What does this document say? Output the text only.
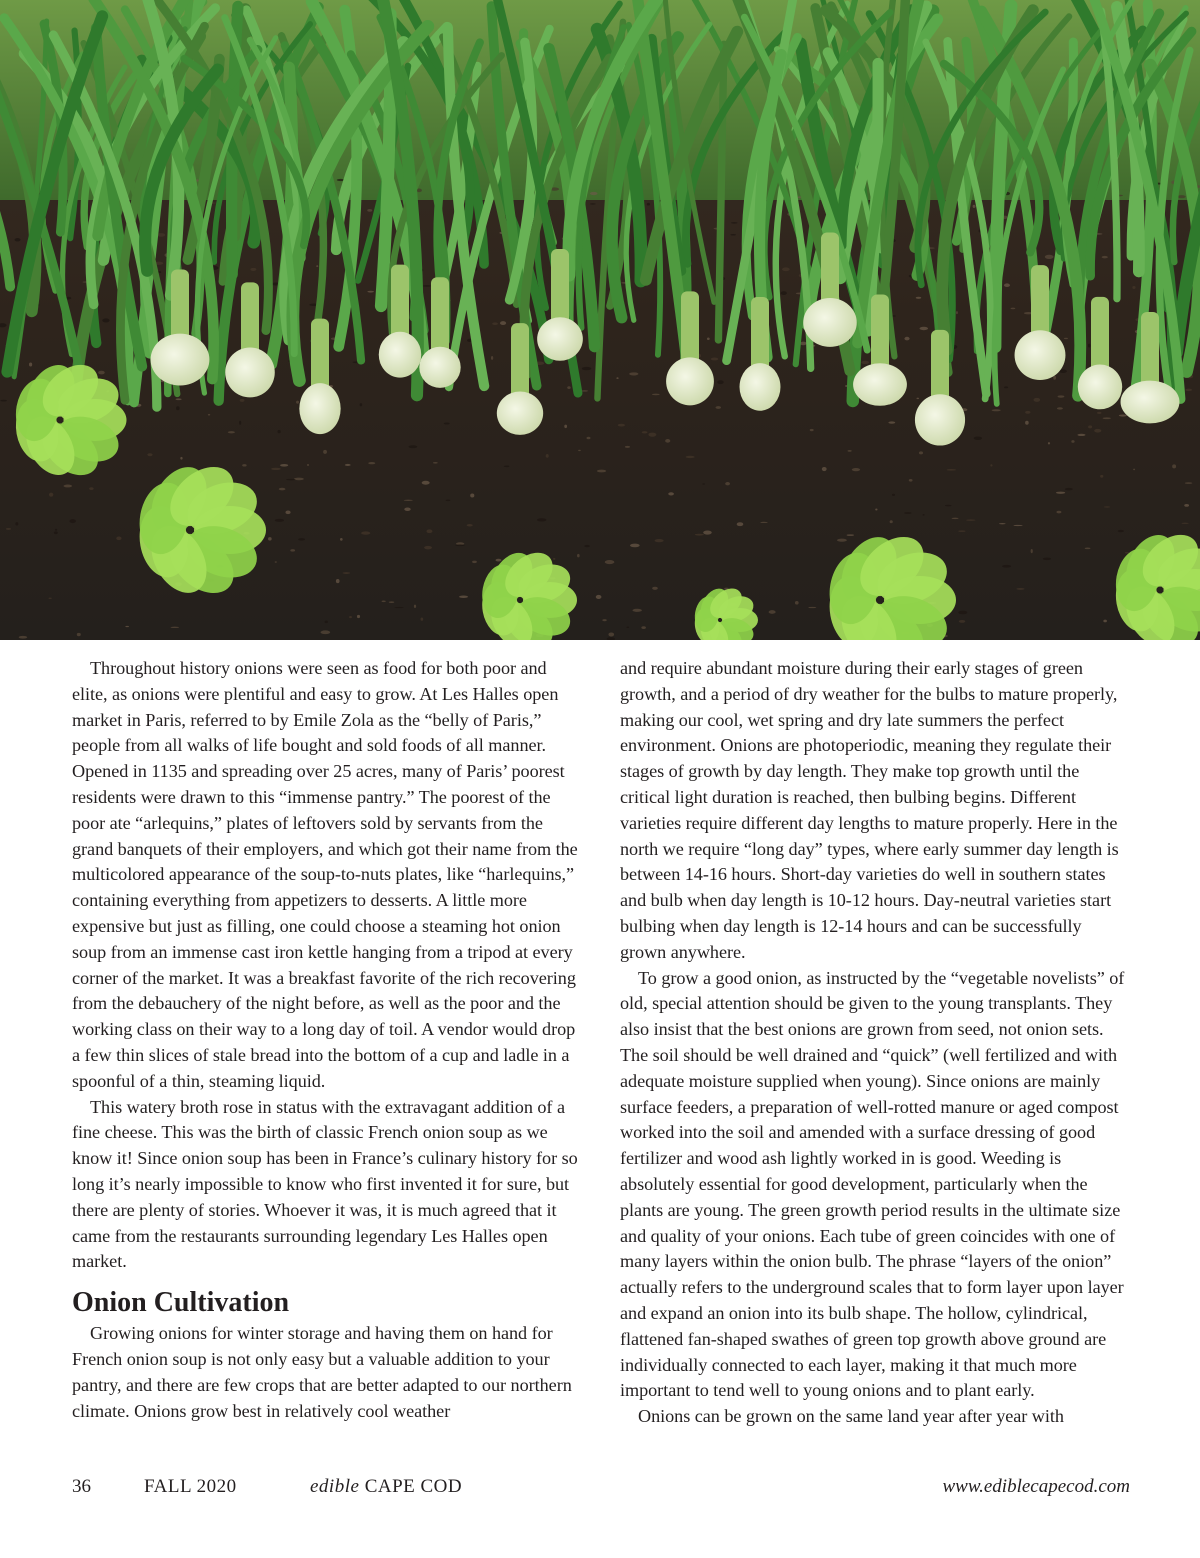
Throughout history onions were seen as food for both poor and elite, as onions were plentiful and easy to grow. At Les Halles open market in Paris, referred to by Emile Zola as the “belly of Paris,” people from all walks of life bought and sold foods of all manner. Opened in 1135 and spreading over 25 acres, many of Paris’ poorest residents were drawn to this “immense pantry.” The poorest of the poor ate “arlequins,” plates of leftovers sold by servants from the grand banquets of their employers, and which got their name from the multicolored appearance of the soup-to-nuts plates, like “harlequins,” containing everything from appetizers to desserts. A little more expensive but just as filling, one could choose a steaming hot onion soup from an immense cast iron kettle hanging from a tripod at every corner of the market. It was a breakfast favorite of the rich recovering from the debauchery of the night before, as well as the poor and the working class on their way to a long day of toil. A vendor would drop a few thin slices of stale bread into the bottom of a cup and ladle in a spoonful of a thin, steaming liquid.

This watery broth rose in status with the extravagant addition of a fine cheese. This was the birth of classic French onion soup as we know it! Since onion soup has been in France’s culinary history for so long it’s nearly impossible to know who first invented it for sure, but there are plenty of stories. Whoever it was, it is much agreed that it came from the restaurants surrounding legendary Les Halles open market.

Onion Cultivation

Growing onions for winter storage and having them on hand for French onion soup is not only easy but a valuable addition to your pantry, and there are few crops that are better adapted to our northern climate. Onions grow best in relatively cool weather

and require abundant moisture during their early stages of green growth, and a period of dry weather for the bulbs to mature properly, making our cool, wet spring and dry late summers the perfect environment. Onions are photoperiodic, meaning they regulate their stages of growth by day length. They make top growth until the critical light duration is reached, then bulbing begins. Different varieties require different day lengths to mature properly. Here in the north we require “long day” types, where early summer day length is between 14-16 hours. Short-day varieties do well in southern states and bulb when day length is 10-12 hours. Day-neutral varieties start bulbing when day length is 12-14 hours and can be successfully grown anywhere.

To grow a good onion, as instructed by the “vegetable novelists” of old, special attention should be given to the young transplants. They also insist that the best onions are grown from seed, not onion sets. The soil should be well drained and “quick” (well fertilized and with adequate moisture supplied when young). Since onions are mainly surface feeders, a preparation of well-rotted manure or aged compost worked into the soil and amended with a surface dressing of good fertilizer and wood ash lightly worked in is good. Weeding is absolutely essential for good development, particularly when the plants are young. The green growth period results in the ultimate size and quality of your onions. Each tube of green coincides with one of many layers within the onion bulb. The phrase “layers of the onion” actually refers to the underground scales that to form layer upon layer and expand an onion into its bulb shape. The hollow, cylindrical, flattened fan-shaped swathes of green top growth above ground are individually connected to each layer, making it that much more important to tend well to young onions and to plant early.

Onions can be grown on the same land year after year with

36	FALL 2020	edible CAPE COD	www.ediblecapecod.com
